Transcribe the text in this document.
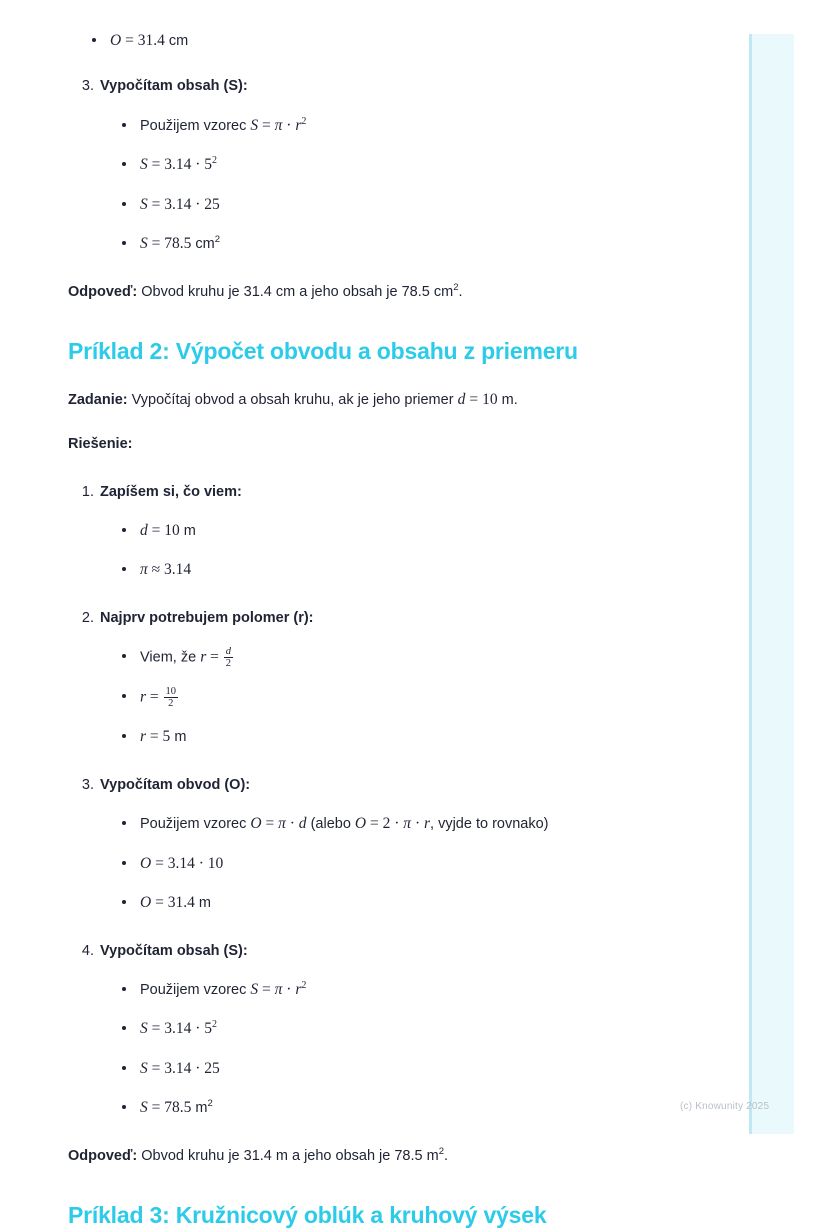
(c) Knowunity 2025
O = 31.4 cm
3. Vypočítam obsah (S):
Použijem vzorec $S = \pi \cdot r^2$
$S = 3.14 \cdot 5^2$
S = 3.14 · 25
S = 78.5 $cm^2$

Odpoveď: Obvod kruhu je 31.4 cm a jeho obsah je 78.5 $cm^2$.

Príklad 2: Výpočet obvodu a obsahu z priemeru

Zadanie: Vypočítaj obvod a obsah kruhu, ak je jeho priemer d = 10 m.

Riešenie:

1. Zapíšem si, čo viem:
d = 10 m
π ≈ 3.14
2. Najprv potrebujem polomer (r):
Viem, že $r = \frac{d}{2}$
$r = \frac{10}{2}$
r = 5 m
3. Vypočítam obvod (O):
Použijem vzorec O = π · d (alebo O = 2 · π · r, vyjde to rovnako)
O = 3.14 · 10
O = 31.4 m
4. Vypočítam obsah (S):
Použijem vzorec $S = \pi \cdot r^2$
$S = 3.14 \cdot 5^2$
S = 3.14 · 25
S = 78.5 $m^2$

Odpoveď: Obvod kruhu je 31.4 m a jeho obsah je 78.5 $m^2$.

Príklad 3: Kružnicový oblúk a kruhový výsek
